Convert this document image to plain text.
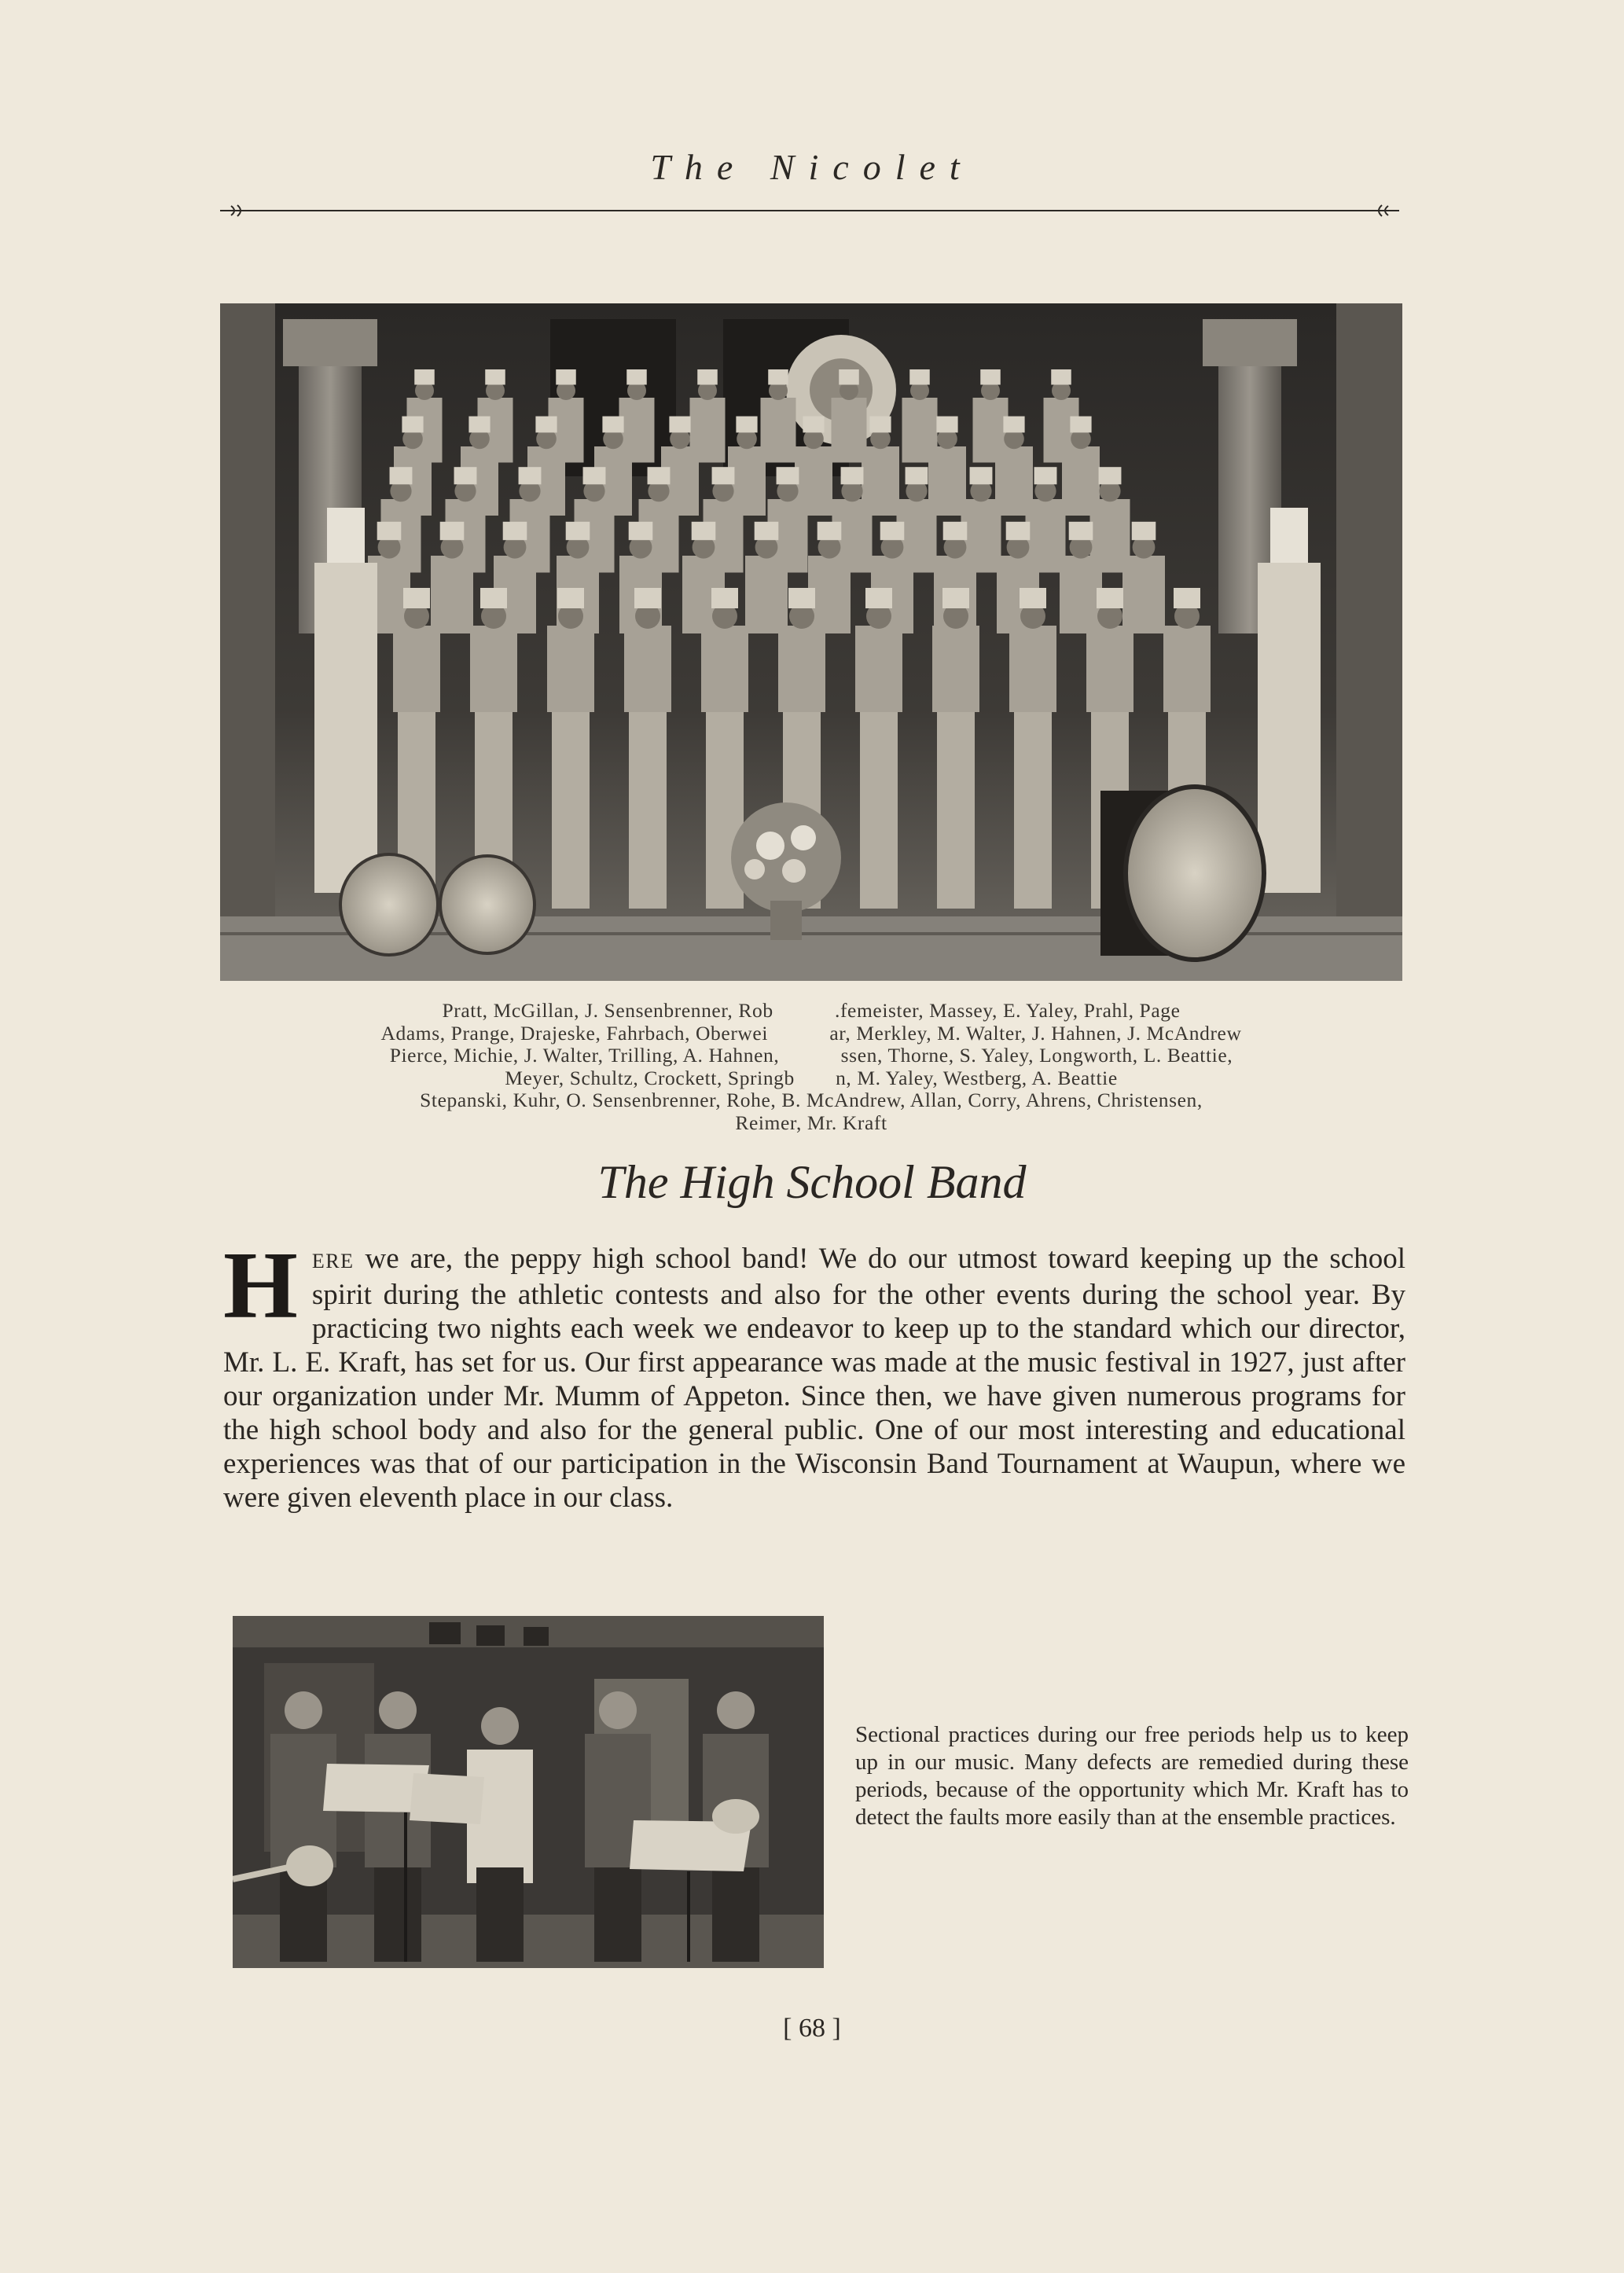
The Nicolet
Pratt, McGillan, J. Sensenbrenner, Rob   .femeister, Massey, E. Yaley, Prahl, Page
Adams, Prange, Drajeske, Fahrbach, Oberwei   ar, Merkley, M. Walter, J. Hahnen, J. McAndrew
Pierce, Michie, J. Walter, Trilling, A. Hahnen,   ssen, Thorne, S. Yaley, Longworth, L. Beattie,
Meyer, Schultz, Crockett, Springb  n, M. Yaley, Westberg, A. Beattie
Stepanski, Kuhr, O. Sensenbrenner, Rohe, B. McAndrew, Allan, Corry, Ahrens, Christensen,
Reimer, Mr. Kraft
The High School Band
HERE we are, the peppy high school band! We do our utmost toward keeping up the school spirit during the athletic contests and also for the other events during the school year. By practicing two nights each week we endeavor to keep up to the standard which our director, Mr. L. E. Kraft, has set for us. Our first appearance was made at the music festival in 1927, just after our organization under Mr. Mumm of Appeton. Since then, we have given numerous programs for the high school body and also for the general public. One of our most interesting and educational experiences was that of our participation in the Wisconsin Band Tournament at Waupun, where we were given eleventh place in our class.
Sectional practices during our free periods help us to keep up in our music. Many defects are remedied during these periods, because of the opportunity which Mr. Kraft has to detect the faults more easily than at the ensemble practices.
[ 68 ]
